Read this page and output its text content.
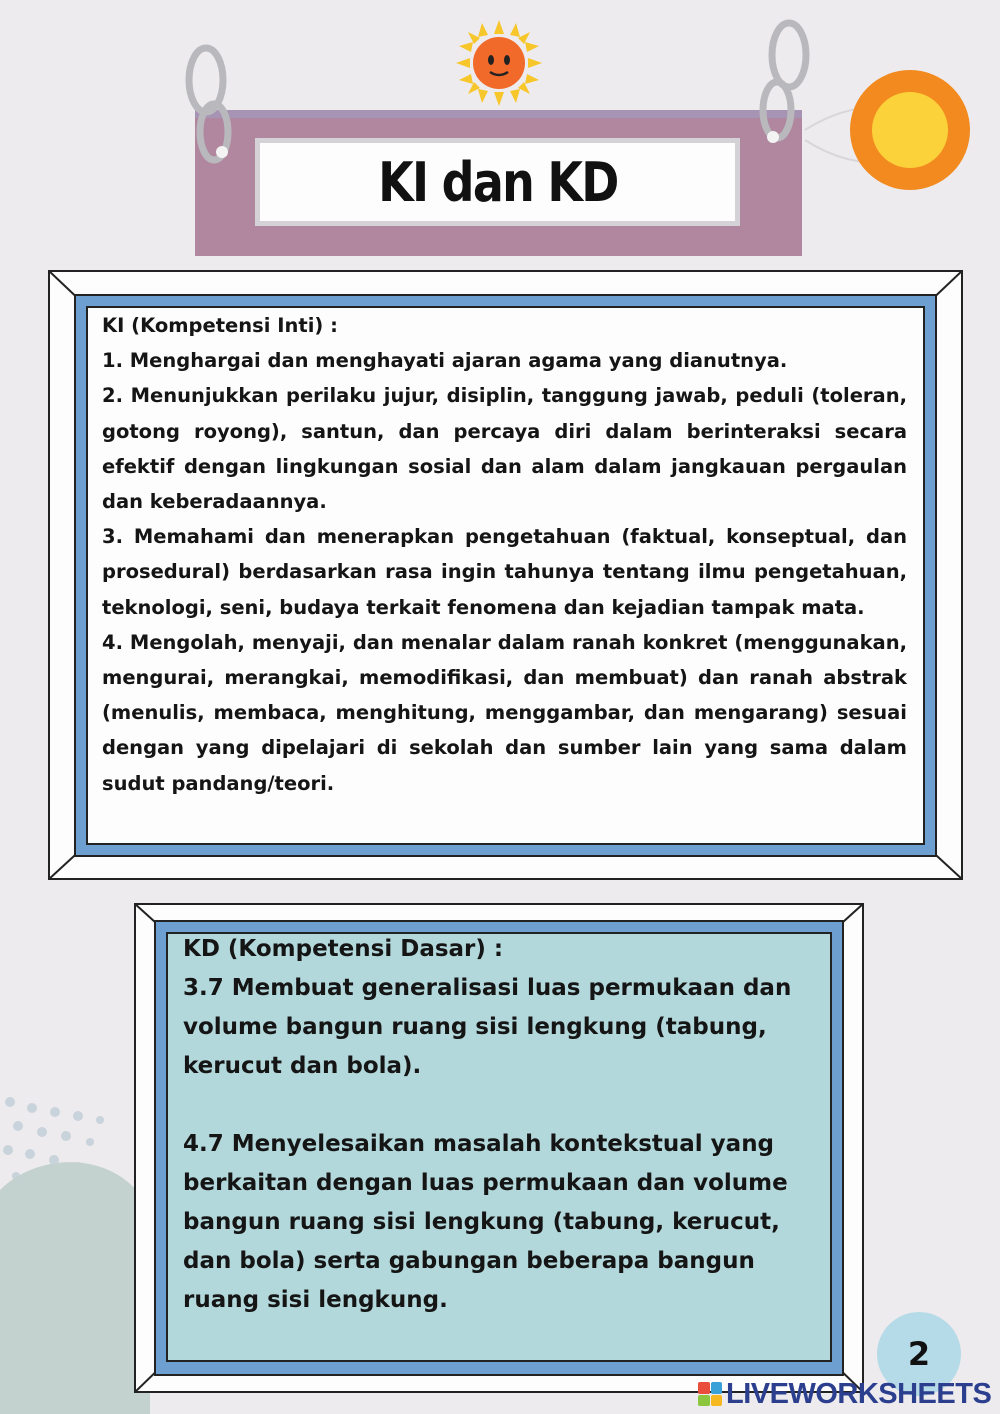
KI dan KD

KI (Kompetensi Inti) :

1. Menghargai dan menghayati ajaran agama yang dianutnya.

2. Menunjukkan perilaku jujur, disiplin, tanggung jawab, peduli (toleran, gotong royong), santun, dan percaya diri dalam berinteraksi secara efektif dengan lingkungan sosial dan alam dalam jangkauan pergaulan dan keberadaannya.

3. Memahami dan menerapkan pengetahuan (faktual, konseptual, dan prosedural) berdasarkan rasa ingin tahunya tentang ilmu pengetahuan, teknologi, seni, budaya terkait fenomena dan kejadian tampak mata.

4. Mengolah, menyaji, dan menalar dalam ranah konkret (menggunakan, mengurai, merangkai, memodifikasi, dan membuat) dan ranah abstrak (menulis, membaca, menghitung, menggambar, dan mengarang) sesuai dengan yang dipelajari di sekolah dan sumber lain yang sama dalam sudut pandang/teori.

KD (Kompetensi Dasar) :

3.7 Membuat generalisasi luas permukaan dan volume bangun ruang sisi lengkung (tabung, kerucut dan bola).

4.7 Menyelesaikan masalah kontekstual yang berkaitan dengan luas permukaan dan volume bangun ruang sisi lengkung (tabung, kerucut, dan bola) serta gabungan beberapa bangun ruang sisi lengkung.

2
LIVEWORKSHEETS
